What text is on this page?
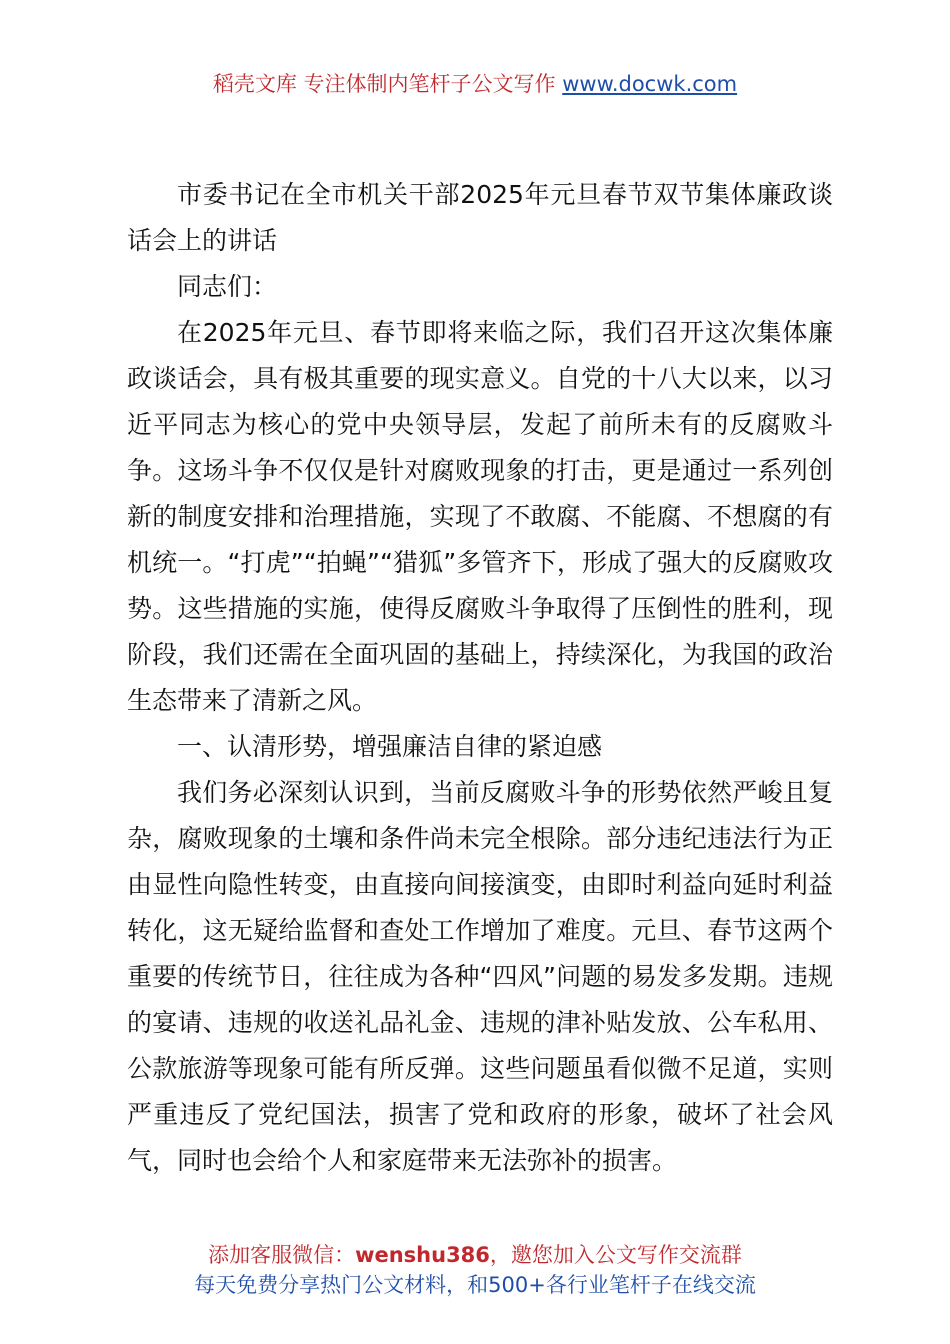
稻壳文库 专注体制内笔杆子公文写作 www.docwk.com

市委书记在全市机关干部2025年元旦春节双节集体廉政谈话会上的讲话

同志们：

在2025年元旦、春节即将来临之际，我们召开这次集体廉政谈话会，具有极其重要的现实意义。自党的十八大以来，以习近平同志为核心的党中央领导层，发起了前所未有的反腐败斗争。这场斗争不仅仅是针对腐败现象的打击，更是通过一系列创新的制度安排和治理措施，实现了不敢腐、不能腐、不想腐的有机统一。“打虎”“拍蝇”“猎狐”多管齐下，形成了强大的反腐败攻势。这些措施的实施，使得反腐败斗争取得了压倒性的胜利，现阶段，我们还需在全面巩固的基础上，持续深化，为我国的政治生态带来了清新之风。

一、认清形势，增强廉洁自律的紧迫感

我们务必深刻认识到，当前反腐败斗争的形势依然严峻且复杂，腐败现象的土壤和条件尚未完全根除。部分违纪违法行为正由显性向隐性转变，由直接向间接演变，由即时利益向延时利益转化，这无疑给监督和查处工作增加了难度。元旦、春节这两个重要的传统节日，往往成为各种“四风”问题的易发多发期。违规的宴请、违规的收送礼品礼金、违规的津补贴发放、公车私用、公款旅游等现象可能有所反弹。这些问题虽看似微不足道，实则严重违反了党纪国法，损害了党和政府的形象，破坏了社会风气，同时也会给个人和家庭带来无法弥补的损害。

添加客服微信：wenshu386，邀您加入公文写作交流群
每天免费分享热门公文材料，和500+各行业笔杆子在线交流
